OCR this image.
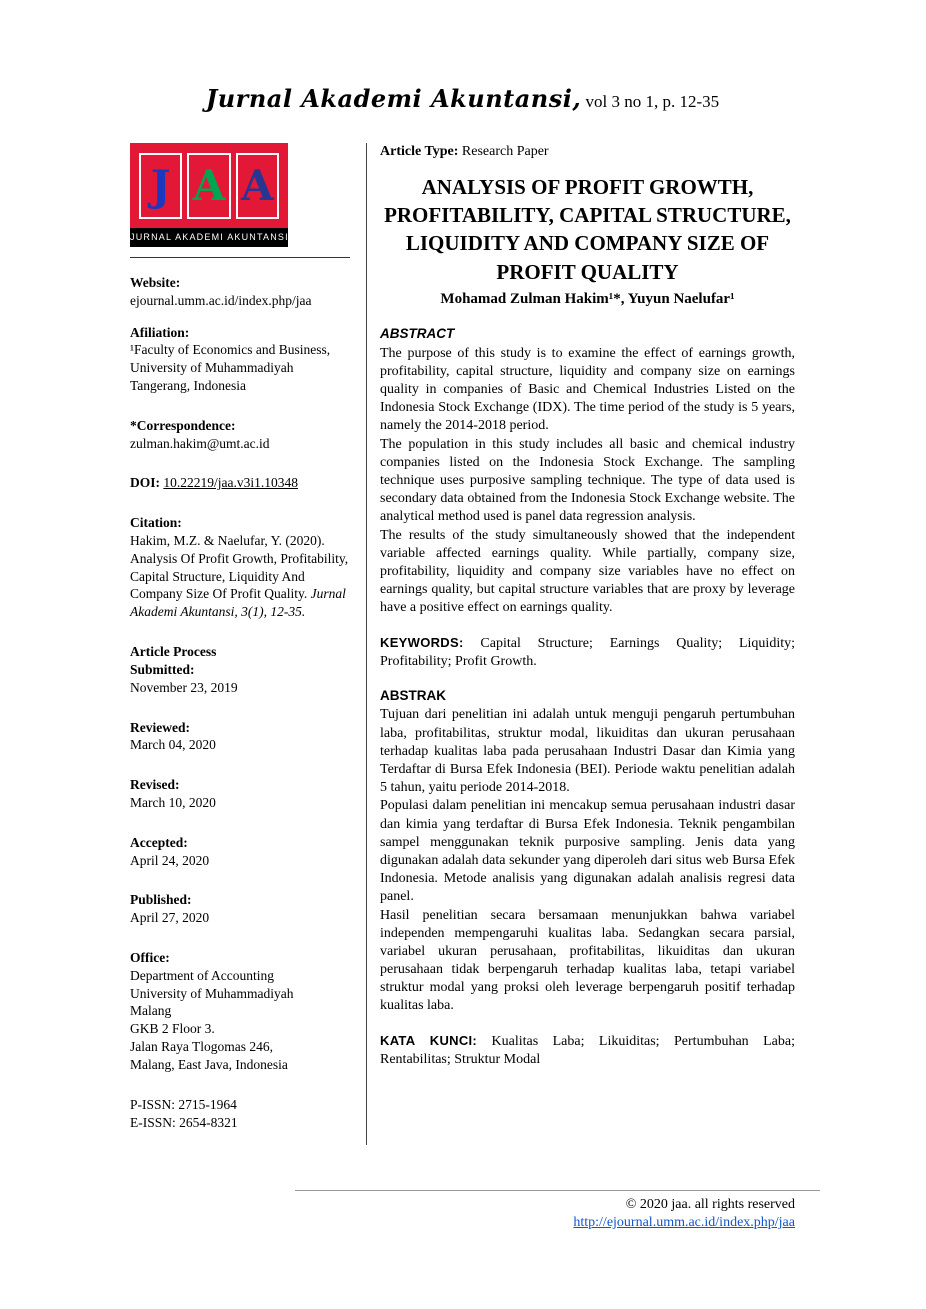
Jurnal Akademi Akuntansi, vol 3 no 1, p. 12-35
J A A
JURNAL AKADEMI AKUNTANSI
Website:
ejournal.umm.ac.id/index.php/jaa
Afiliation:
¹Faculty of Economics and Business, University of Muhammadiyah Tangerang, Indonesia
*Correspondence:
zulman.hakim@umt.ac.id
DOI: 10.22219/jaa.v3i1.10348
Citation:
Hakim, M.Z. & Naelufar, Y. (2020). Analysis Of Profit Growth, Profitability, Capital Structure, Liquidity And Company Size Of Profit Quality. Jurnal Akademi Akuntansi, 3(1), 12-35.
Article Process
Submitted:
November 23, 2019
Reviewed:
March 04, 2020
Revised:
March 10, 2020
Accepted:
April 24, 2020
Published:
April 27, 2020
Office:
Department of Accounting
University of Muhammadiyah
Malang
GKB 2 Floor 3.
Jalan Raya Tlogomas 246,
Malang, East Java, Indonesia
P-ISSN: 2715-1964
E-ISSN: 2654-8321
Article Type: Research Paper
ANALYSIS OF PROFIT GROWTH, PROFITABILITY, CAPITAL STRUCTURE, LIQUIDITY AND COMPANY SIZE OF PROFIT QUALITY
Mohamad Zulman Hakim¹*, Yuyun Naelufar¹
ABSTRACT

The purpose of this study is to examine the effect of earnings growth, profitability, capital structure, liquidity and company size on earnings quality in companies of Basic and Chemical Industries Listed on the Indonesia Stock Exchange (IDX). The time period of the study is 5 years, namely the 2014-2018 period.

The population in this study includes all basic and chemical industry companies listed on the Indonesia Stock Exchange. The sampling technique uses purposive sampling technique. The type of data used is secondary data obtained from the Indonesia Stock Exchange website. The analytical method used is panel data regression analysis.

The results of the study simultaneously showed that the independent variable affected earnings quality. While partially, company size, profitability, liquidity and company size variables have no effect on earnings quality, but capital structure variables that are proxy by leverage have a positive effect on earnings quality.

KEYWORDS: Capital Structure; Earnings Quality; Liquidity; Profitability; Profit Growth.
ABSTRAK

Tujuan dari penelitian ini adalah untuk menguji pengaruh pertumbuhan laba, profitabilitas, struktur modal, likuiditas dan ukuran perusahaan terhadap kualitas laba pada perusahaan Industri Dasar dan Kimia yang Terdaftar di Bursa Efek Indonesia (BEI). Periode waktu penelitian adalah 5 tahun, yaitu periode 2014-2018.

Populasi dalam penelitian ini mencakup semua perusahaan industri dasar dan kimia yang terdaftar di Bursa Efek Indonesia. Teknik pengambilan sampel menggunakan teknik purposive sampling. Jenis data yang digunakan adalah data sekunder yang diperoleh dari situs web Bursa Efek Indonesia. Metode analisis yang digunakan adalah analisis regresi data panel.

Hasil penelitian secara bersamaan menunjukkan bahwa variabel independen mempengaruhi kualitas laba. Sedangkan secara parsial, variabel ukuran perusahaan, profitabilitas, likuiditas dan ukuran perusahaan tidak berpengaruh terhadap kualitas laba, tetapi variabel struktur modal yang proksi oleh leverage berpengaruh positif terhadap kualitas laba.

KATA KUNCI: Kualitas Laba; Likuiditas; Pertumbuhan Laba; Rentabilitas; Struktur Modal
© 2020 jaa. all rights reserved
http://ejournal.umm.ac.id/index.php/jaa
